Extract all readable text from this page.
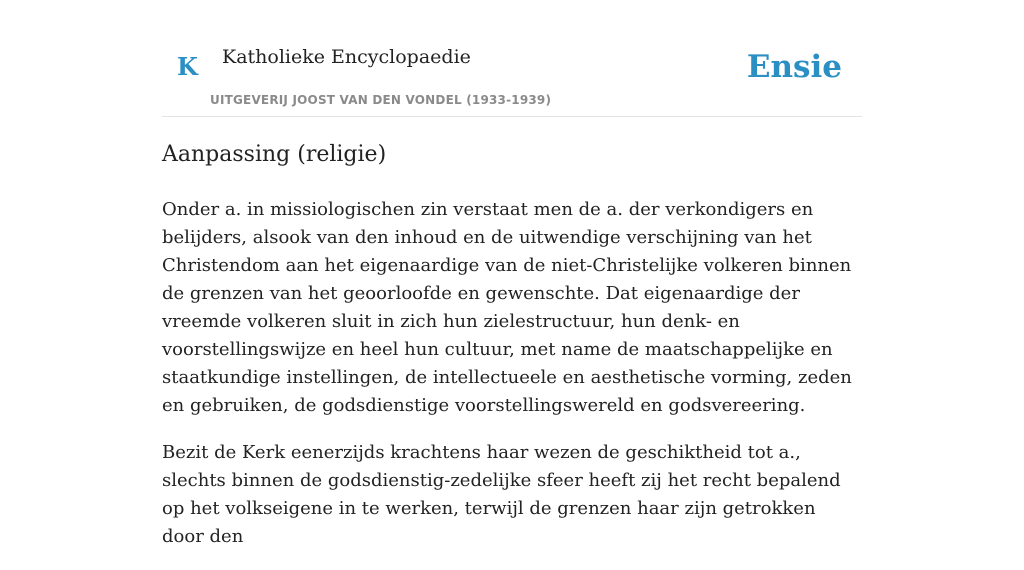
K Katholieke Encyclopaedie
UITGEVERIJ JOOST VAN DEN VONDEL (1933-1939)
Ensie
Aanpassing (religie)

Onder a. in missiologischen zin verstaat men de a. der verkondigers en belijders, alsook van den inhoud en de uitwendige verschijning van het Christendom aan het eigenaardige van de niet-Christelijke volkeren binnen de grenzen van het geoorloofde en gewenschte. Dat eigenaardige der vreemde volkeren sluit in zich hun zielestructuur, hun denk- en voorstellingswijze en heel hun cultuur, met name de maatschappelijke en staatkundige instellingen, de intellectueele en aesthetische vorming, zeden en gebruiken, de godsdienstige voorstellingswereld en godsvereering.

Bezit de Kerk eenerzijds krachtens haar wezen de geschiktheid tot a., slechts binnen de godsdienstig-zedelijke sfeer heeft zij het recht bepalend op het volkseigene in te werken, terwijl de grenzen haar zijn getrokken door den
